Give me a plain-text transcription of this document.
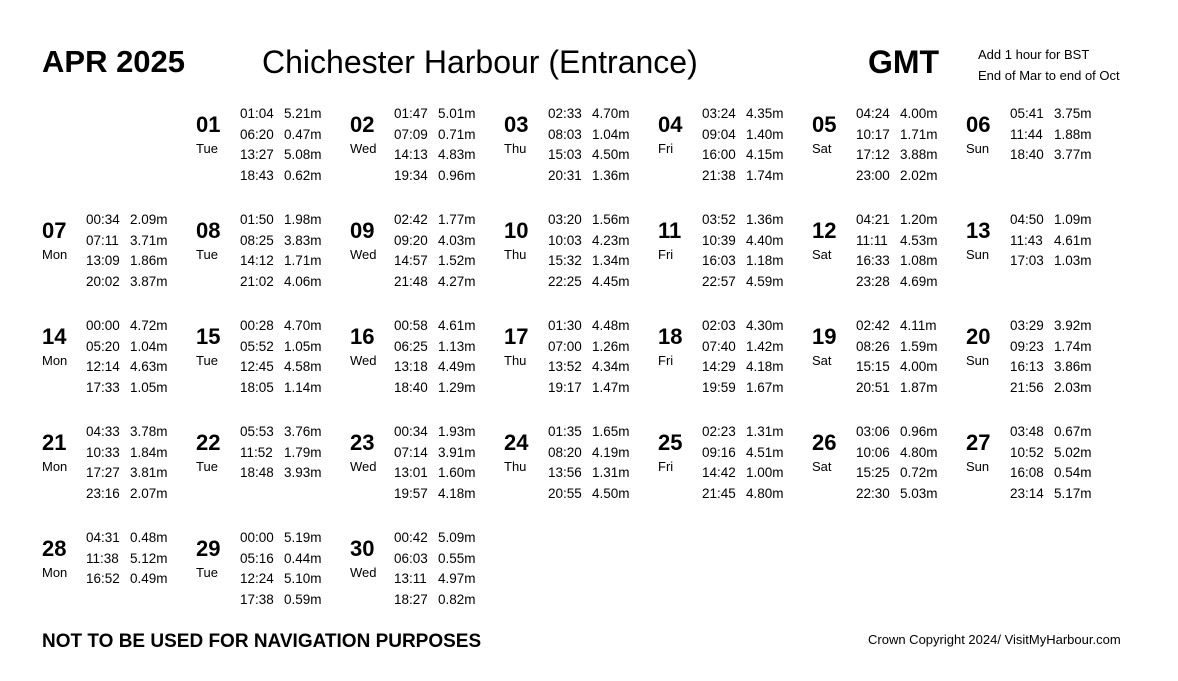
APR 2025 Chichester Harbour (Entrance)	GMT	Add 1 hour for BST
End of Mar to end of Oct
01
Tue
01:04 5.21m
06:20 0.47m
13:27 5.08m
18:43 0.62m
02
Wed
01:47 5.01m
07:09 0.71m
14:13 4.83m
19:34 0.96m
03
Thu
02:33 4.70m
08:03 1.04m
15:03 4.50m
20:31 1.36m
04
Fri
03:24 4.35m
09:04 1.40m
16:00 4.15m
21:38 1.74m
05
Sat
04:24 4.00m
10:17 1.71m
17:12 3.88m
23:00 2.02m
06
Sun
05:41 3.75m
11:44 1.88m
18:40 3.77m
07
Mon
00:34 2.09m
07:11 3.71m
13:09 1.86m
20:02 3.87m
08
Tue
01:50 1.98m
08:25 3.83m
14:12 1.71m
21:02 4.06m
09
Wed
02:42 1.77m
09:20 4.03m
14:57 1.52m
21:48 4.27m
10
Thu
03:20 1.56m
10:03 4.23m
15:32 1.34m
22:25 4.45m
11
Fri
03:52 1.36m
10:39 4.40m
16:03 1.18m
22:57 4.59m
12
Sat
04:21 1.20m
11:11 4.53m
16:33 1.08m
23:28 4.69m
13
Sun
04:50 1.09m
11:43 4.61m
17:03 1.03m
14
Mon
00:00 4.72m
05:20 1.04m
12:14 4.63m
17:33 1.05m
15
Tue
00:28 4.70m
05:52 1.05m
12:45 4.58m
18:05 1.14m
16
Wed
00:58 4.61m
06:25 1.13m
13:18 4.49m
18:40 1.29m
17
Thu
01:30 4.48m
07:00 1.26m
13:52 4.34m
19:17 1.47m
18
Fri
02:03 4.30m
07:40 1.42m
14:29 4.18m
19:59 1.67m
19
Sat
02:42 4.11m
08:26 1.59m
15:15 4.00m
20:51 1.87m
20
Sun
03:29 3.92m
09:23 1.74m
16:13 3.86m
21:56 2.03m
21
Mon
04:33 3.78m
10:33 1.84m
17:27 3.81m
23:16 2.07m
22
Tue
05:53 3.76m
11:52 1.79m
18:48 3.93m
23
Wed
00:34 1.93m
07:14 3.91m
13:01 1.60m
19:57 4.18m
24
Thu
01:35 1.65m
08:20 4.19m
13:56 1.31m
20:55 4.50m
25
Fri
02:23 1.31m
09:16 4.51m
14:42 1.00m
21:45 4.80m
26
Sat
03:06 0.96m
10:06 4.80m
15:25 0.72m
22:30 5.03m
27
Sun
03:48 0.67m
10:52 5.02m
16:08 0.54m
23:14 5.17m
28
Mon
04:31 0.48m
11:38 5.12m
16:52 0.49m
29
Tue
00:00 5.19m
05:16 0.44m
12:24 5.10m
17:38 0.59m
30
Wed
00:42 5.09m
06:03 0.55m
13:11 4.97m
18:27 0.82m
NOT TO BE USED FOR NAVIGATION PURPOSES	Crown Copyright 2024/ VisitMyHarbour.com
